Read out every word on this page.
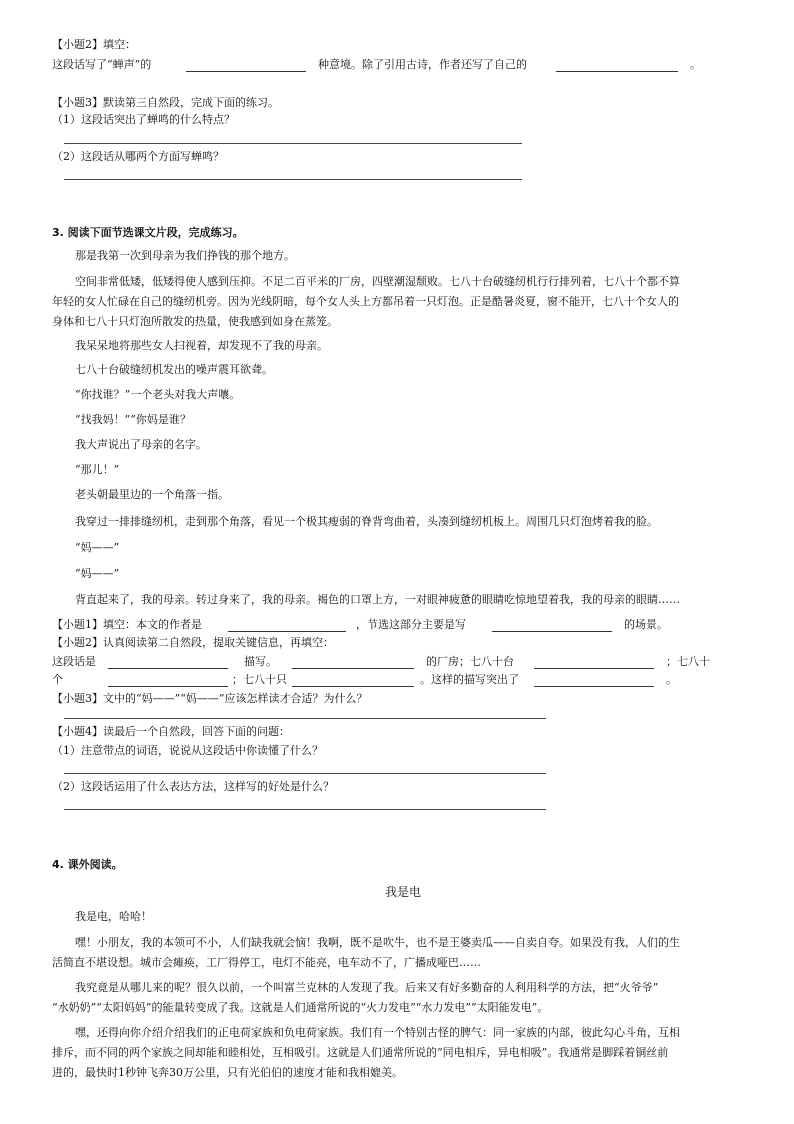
【小题2】填空：
这段话写了“蝉声”的	种意境。除了引用古诗，作者还写了自己的	。
【小题3】默读第三自然段，完成下面的练习。
（1）这段话突出了蝉鸣的什么特点？
（2）这段话从哪两个方面写蝉鸣？
3. 阅读下面节选课文片段，完成练习。
那是我第一次到母亲为我们挣钱的那个地方。
空间非常低矮，低矮得使人感到压抑。不足二百平米的厂房，四壁潮湿颓败。七八十台破缝纫机行行排列着，七八十个都不算
年轻的女人忙碌在自己的缝纫机旁。因为光线阴暗，每个女人头上方都吊着一只灯泡。正是酷暑炎夏，窗不能开，七八十个女人的
身体和七八十只灯泡所散发的热量，使我感到如身在蒸笼。
我呆呆地将那些女人扫视着，却发现不了我的母亲。
七八十台破缝纫机发出的噪声震耳欲聋。
“你找谁？”一个老头对我大声嚷。
“找我妈！”“你妈是谁？
我大声说出了母亲的名字。
“那儿！”
老头朝最里边的一个角落一指。
我穿过一排排缝纫机，走到那个角落，看见一个极其瘦弱的脊背弯曲着，头凑到缝纫机板上。周围几只灯泡烤着我的脸。
“妈——”
“妈——”
背直起来了，我的母亲。转过身来了，我的母亲。褐色的口罩上方，一对眼神疲惫的眼睛吃惊地望着我，我的母亲的眼睛……
【小题1】填空：本文的作者是	，节选这部分主要是写	的场景。
【小题2】认真阅读第二自然段，提取关键信息，再填空：
这段话是	描写。	的厂房；七八十台	；七八十
个	；七八十只	。这样的描写突出了	。
【小题3】文中的“妈——”“妈——”应该怎样读才合适？为什么？
【小题4】读最后一个自然段，回答下面的问题：
（1）注意带点的词语，说说从这段话中你读懂了什么？
（2）这段话运用了什么表达方法，这样写的好处是什么？
4. 课外阅读。
我是电
我是电，哈哈！
嘿！小朋友，我的本领可不小，人们缺我就会恼！我啊，既不是吹牛，也不是王婆卖瓜——自卖自夸。如果没有我，人们的生
活简直不堪设想。城市会瘫痪，工厂得停工，电灯不能亮，电车动不了，广播成哑巴……
我究竟是从哪儿来的呢？很久以前，一个叫富兰克林的人发现了我。后来又有好多勤奋的人利用科学的方法，把“火爷爷”
“水奶奶”“太阳妈妈”的能量转变成了我。这就是人们通常所说的“火力发电”“水力发电”“太阳能发电”。
嘿，还得向你介绍介绍我们的正电荷家族和负电荷家族。我们有一个特别古怪的脾气：同一家族的内部，彼此勾心斗角，互相
排斥，而不同的两个家族之间却能和睦相处，互相吸引。这就是人们通常所说的“同电相斥，异电相吸”。我通常是脚踩着铜丝前
进的，最快时1秒钟飞奔30万公里，只有光伯伯的速度才能和我相媲美。
